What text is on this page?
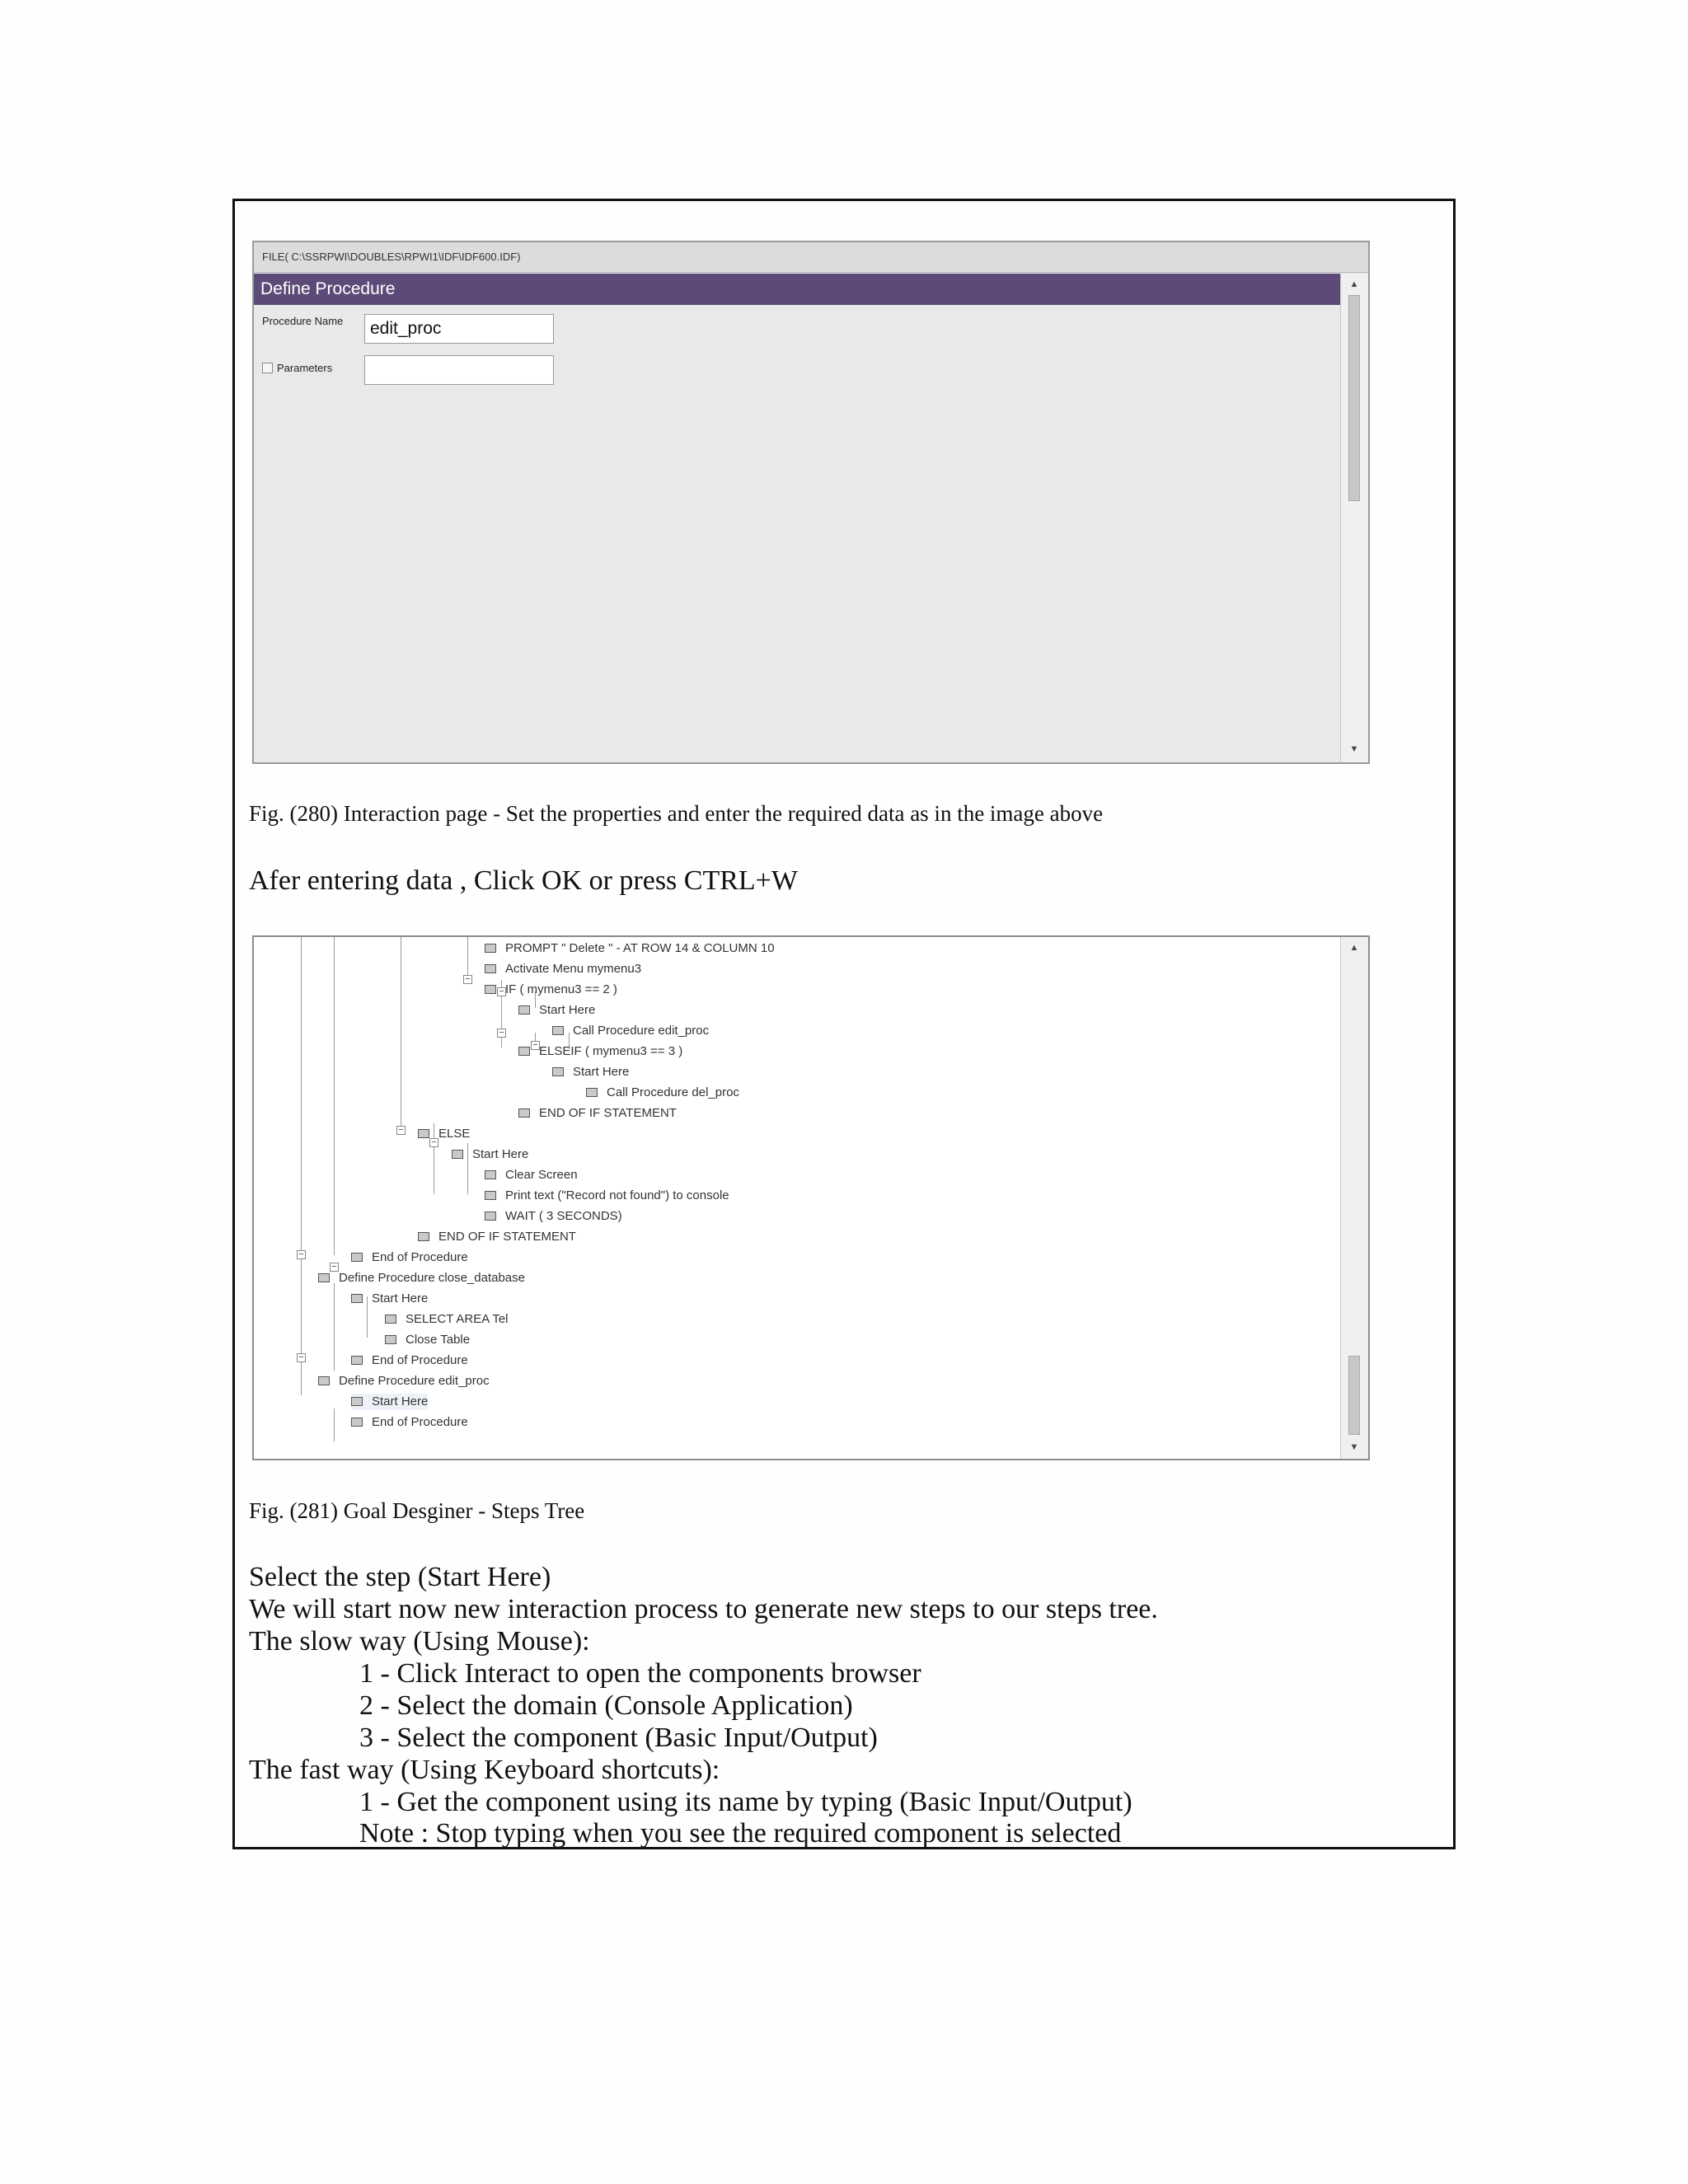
FILE( C:\SSRPWI\DOUBLES\RPWI1\IDF\IDF600.IDF)
Define Procedure
Procedure Name	edit_proc
Parameters
▲
▼
Fig. (280) Interaction page - Set the properties and enter the required data as in the image above
Afer entering data , Click OK or press CTRL+W
−
−
−
−
−
−
−
−
−
PROMPT " Delete " - AT ROW 14 & COLUMN 10
Activate Menu mymenu3
IF ( mymenu3 == 2 )
Start Here
Call Procedure edit_proc
ELSEIF ( mymenu3 == 3 )
Start Here
Call Procedure del_proc
END OF IF STATEMENT
ELSE
Start Here
Clear Screen
Print text ("Record not found") to console
WAIT ( 3 SECONDS)
END OF IF STATEMENT
End of Procedure
Define Procedure close_database
Start Here
SELECT AREA Tel
Close Table
End of Procedure
Define Procedure edit_proc
Start Here
End of Procedure
▲
▼
Fig. (281) Goal Desginer - Steps Tree
Select the step (Start Here)
We will start now new interaction process to generate new steps to our steps tree.
The slow way (Using Mouse):
1 - Click Interact to open the components browser
2 - Select the domain (Console Application)
3 - Select the component (Basic Input/Output)
The fast way (Using Keyboard shortcuts):
1 - Get the component using its name by typing (Basic Input/Output)
Note : Stop typing when you see the required component is selected
